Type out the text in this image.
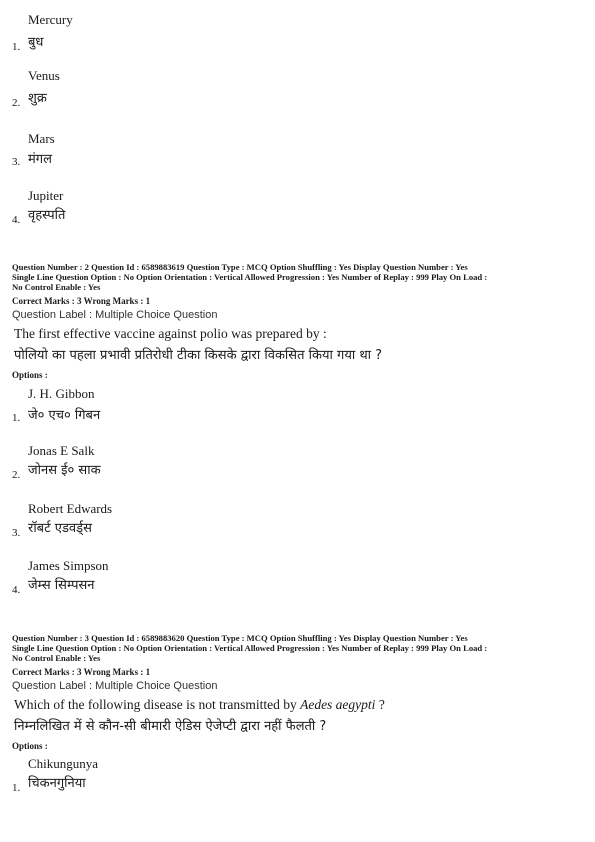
Mercury
बुध
1.
Venus
शुक्र
2.
Mars
मंगल
3.
Jupiter
वृहस्पति
4.
Question Number : 2 Question Id : 6589883619 Question Type : MCQ Option Shuffling : Yes Display Question Number : Yes
Single Line Question Option : No Option Orientation : Vertical Allowed Progression : Yes Number of Replay : 999 Play On Load :
No Control Enable : Yes
Correct Marks : 3 Wrong Marks : 1
Question Label : Multiple Choice Question
The first effective vaccine against polio was prepared by :
पोलियो का पहला प्रभावी प्रतिरोधी टीका किसके द्वारा विकसित किया गया था ?
Options :
J. H. Gibbon
जे० एच० गिबन
1.
Jonas E Salk
जोनस ई० साक
2.
Robert Edwards
रॉबर्ट एडवर्ड्स
3.
James Simpson
जेम्स सिम्पसन
4.
Question Number : 3 Question Id : 6589883620 Question Type : MCQ Option Shuffling : Yes Display Question Number : Yes
Single Line Question Option : No Option Orientation : Vertical Allowed Progression : Yes Number of Replay : 999 Play On Load :
No Control Enable : Yes
Correct Marks : 3 Wrong Marks : 1
Question Label : Multiple Choice Question
Which of the following disease is not transmitted by Aedes aegypti ?
निम्नलिखित में से कौन-सी बीमारी ऐडिस ऐजेप्टी द्वारा नहीं फैलती ?
Options :
Chikungunya
चिकनगुनिया
1.
